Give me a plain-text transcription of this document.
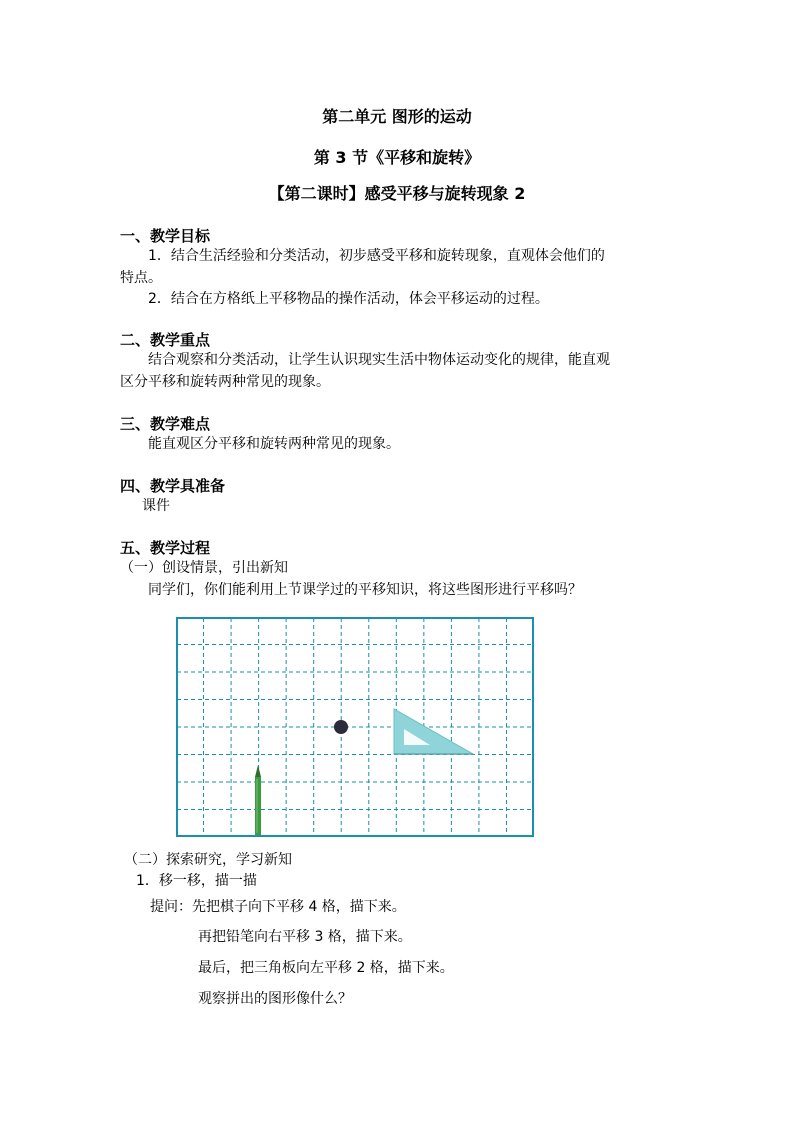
第二单元 图形的运动
第 3 节《平移和旋转》
【第二课时】感受平移与旋转现象 2
一、教学目标
1．结合生活经验和分类活动，初步感受平移和旋转现象，直观体会他们的
特点。
2．结合在方格纸上平移物品的操作活动，体会平移运动的过程。
二、教学重点
结合观察和分类活动，让学生认识现实生活中物体运动变化的规律，能直观
区分平移和旋转两种常见的现象。
三、教学难点
能直观区分平移和旋转两种常见的现象。
四、教学具准备
课件
五、教学过程
（一）创设情景，引出新知
同学们，你们能利用上节课学过的平移知识，将这些图形进行平移吗？
（二）探索研究，学习新知
1．移一移，描一描
提问：先把棋子向下平移 4 格，描下来。
再把铅笔向右平移 3 格，描下来。
最后，把三角板向左平移 2 格，描下来。
观察拼出的图形像什么？
